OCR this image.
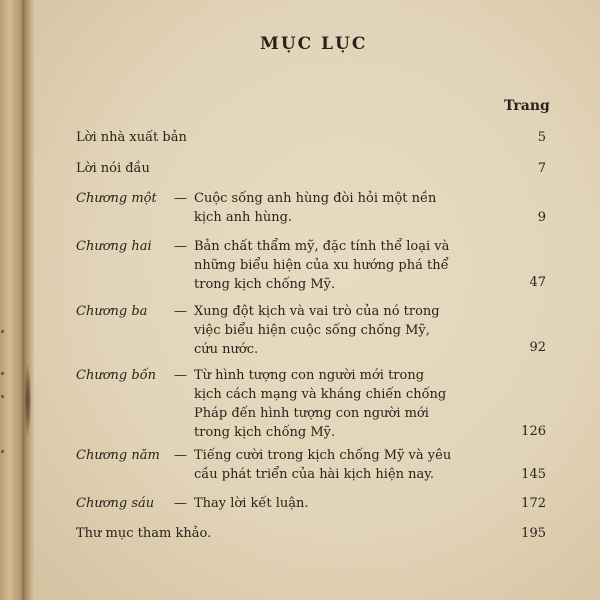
MỤC LỤC
Trang
Lời nhà xuất bản	5
Lời nói đầu	7
Chương một — Cuộc sống anh hùng đòi hỏi một nền
kịch anh hùng.	9
Chương hai — Bản chất thẩm mỹ, đặc tính thể loại và
những biểu hiện của xu hướng phá thể
trong kịch chống Mỹ.	47
Chương ba — Xung đột kịch và vai trò của nó trong
việc biểu hiện cuộc sống chống Mỹ,
cứu nước.	92
Chương bốn — Từ hình tượng con người mới trong
kịch cách mạng và kháng chiến chống
Pháp đến hình tượng con người mới
trong kịch chống Mỹ.	126
Chương năm — Tiếng cười trong kịch chống Mỹ và yêu
cầu phát triển của hài kịch hiện nay.	145
Chương sáu — Thay lời kết luận.	172
Thư mục tham khảo.	195
